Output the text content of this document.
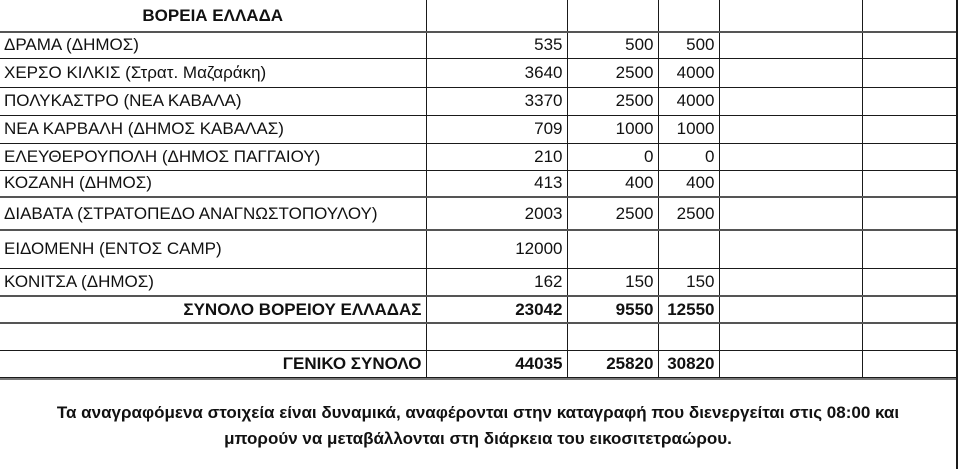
ΒΟΡΕΙΑ ΕΛΛΑΔΑ					
ΔΡΑΜΑ (ΔΗΜΟΣ)	535	500	500		
ΧΕΡΣΟ ΚΙΛΚΙΣ (Στρατ. Μαζαράκη)	3640	2500	4000		
ΠΟΛΥΚΑΣΤΡΟ (ΝΕΑ ΚΑΒΑΛΑ)	3370	2500	4000		
ΝΕΑ ΚΑΡΒΑΛΗ (ΔΗΜΟΣ ΚΑΒΑΛΑΣ)	709	1000	1000		
ΕΛΕΥΘΕΡΟΥΠΟΛΗ (ΔΗΜΟΣ ΠΑΓΓΑΙΟΥ)	210	0	0		
ΚΟΖΑΝΗ (ΔΗΜΟΣ)	413	400	400		
ΔΙΑΒΑΤΑ (ΣΤΡΑΤΟΠΕΔΟ ΑΝΑΓΝΩΣΤΟΠΟΥΛΟΥ)	2003	2500	2500		
ΕΙΔΟΜΕΝΗ (ΕΝΤΟΣ CAMP)	12000				
ΚΟΝΙΤΣΑ (ΔΗΜΟΣ)	162	150	150		
ΣΥΝΟΛΟ ΒΟΡΕΙΟΥ ΕΛΛΑΔΑΣ	23042	9550	12550		

ΓΕΝΙΚΟ ΣΥΝΟΛΟ	44035	25820	30820		

Τα αναγραφόμενα στοιχεία είναι δυναμικά, αναφέρονται στην καταγραφή που διενεργείται στις 08:00 και

μπορούν να μεταβάλλονται στη διάρκεια του εικοσιτετραώρου.
